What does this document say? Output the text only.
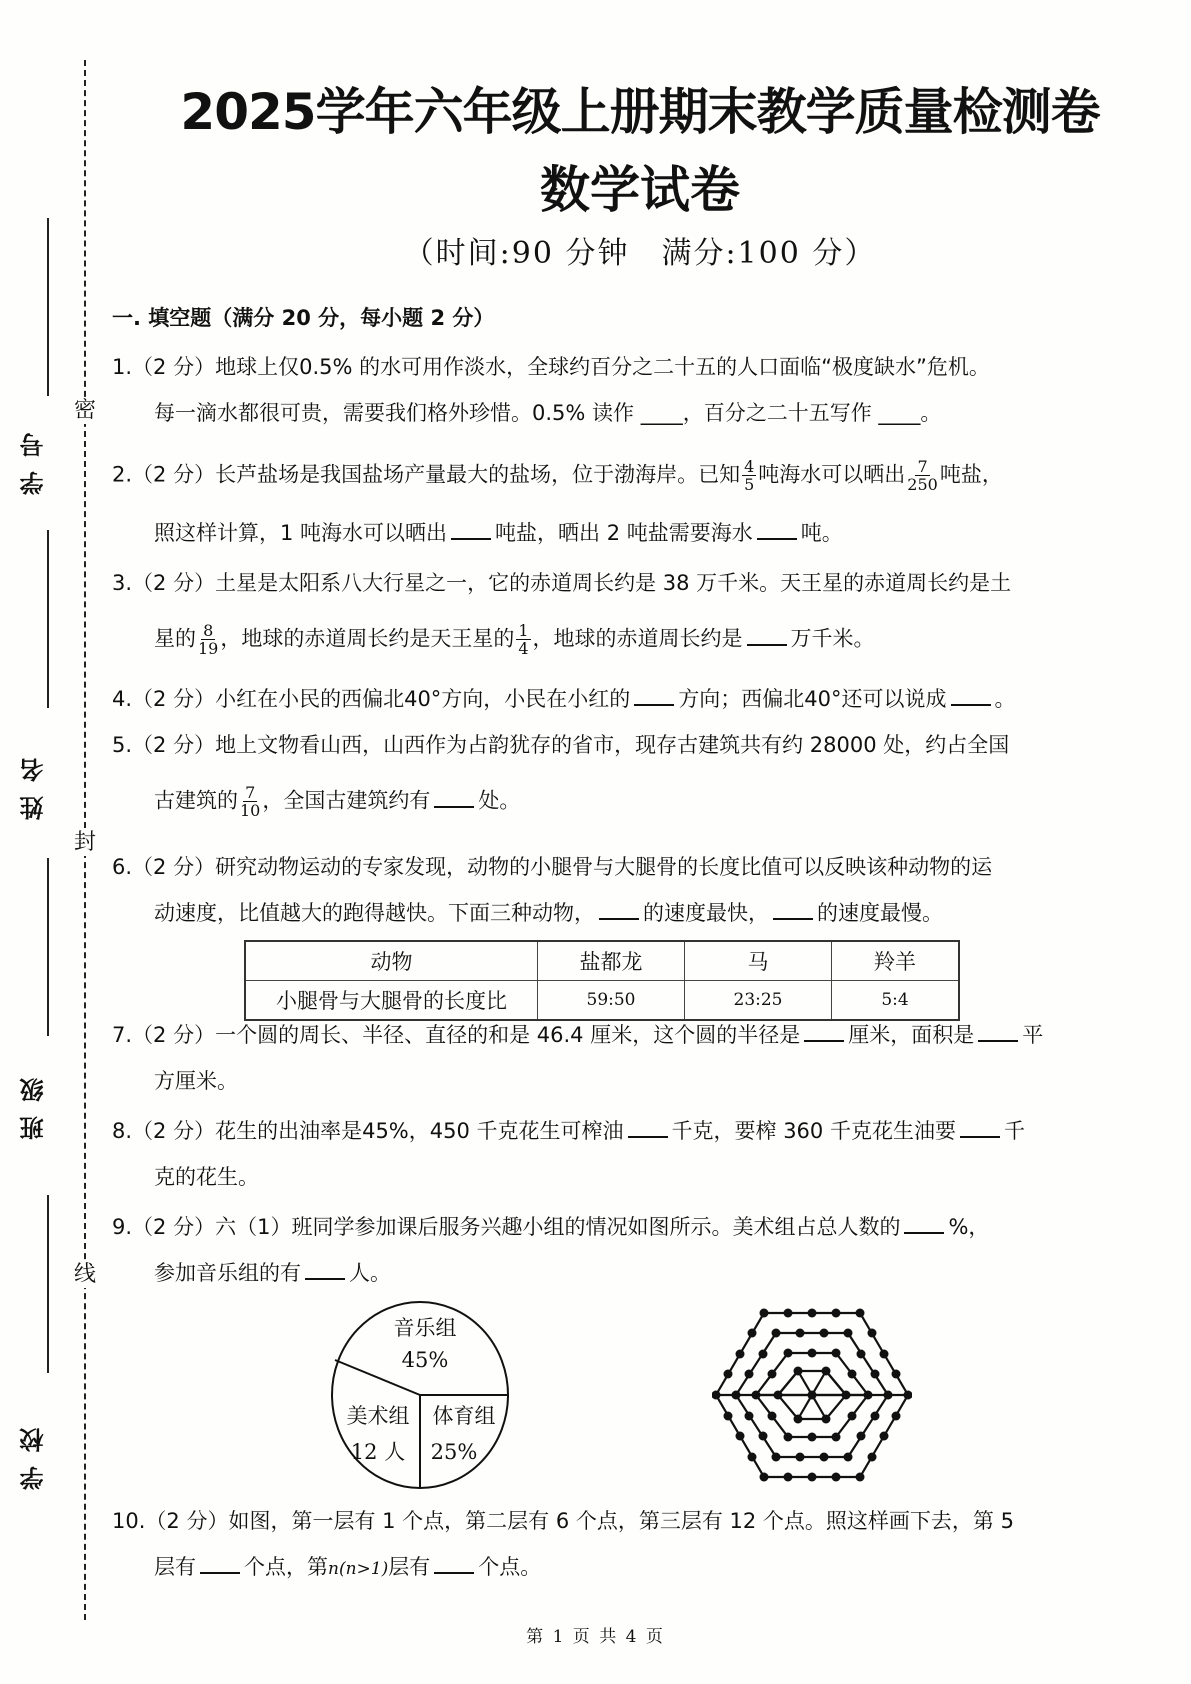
密
封
线
学号
姓名
班级
学校
2025学年六年级上册期末教学质量检测卷
数学试卷
（时间:90 分钟　满分:100 分）
一. 填空题（满分 20 分，每小题 2 分）
1.（2 分）地球上仅0.5% 的水可用作淡水，全球约百分之二十五的人口面临“极度缺水”危机。
每一滴水都很可贵，需要我们格外珍惜。0.5% 读作 ____，百分之二十五写作 ____。
2.（2 分）长芦盐场是我国盐场产量最大的盐场，位于渤海岸。已知 $\frac{4}{5}$ 吨海水可以晒出 $\frac{7}{250}$ 吨盐，
照这样计算，1 吨海水可以晒出 吨盐，晒出 2 吨盐需要海水 吨。
3.（2 分）土星是太阳系八大行星之一，它的赤道周长约是 38 万千米。天王星的赤道周长约是土
星的 $\frac{8}{19}$ ，地球的赤道周长约是天王星的 $\frac{1}{4}$ ，地球的赤道周长约是 万千米。
4.（2 分）小红在小民的西偏北40°方向，小民在小红的 方向；西偏北40°还可以说成 。
5.（2 分）地上文物看山西，山西作为占韵犹存的省市，现存古建筑共有约 28000 处，约占全国
古建筑的 $\frac{7}{10}$ ，全国古建筑约有 处。
6.（2 分）研究动物运动的专家发现，动物的小腿骨与大腿骨的长度比值可以反映该种动物的运
动速度，比值越大的跑得越快。下面三种动物， 的速度最快， 的速度最慢。
动物	盐都龙	马	羚羊
小腿骨与大腿骨的长度比	59:50	23:25	5:4
7.（2 分）一个圆的周长、半径、直径的和是 46.4 厘米，这个圆的半径是 厘米，面积是 平
方厘米。
8.（2 分）花生的出油率是45%，450 千克花生可榨油 千克，要榨 360 千克花生油要 千
克的花生。
9.（2 分）六（1）班同学参加课后服务兴趣小组的情况如图所示。美术组占总人数的 %，
参加音乐组的有 人。
音乐组
45%
美术组
12 人
体育组
25%
10.（2 分）如图，第一层有 1 个点，第二层有 6 个点，第三层有 12 个点。照这样画下去，第 5
层有 个点，第n(n>1)层有 个点。
第 1 页 共 4 页
